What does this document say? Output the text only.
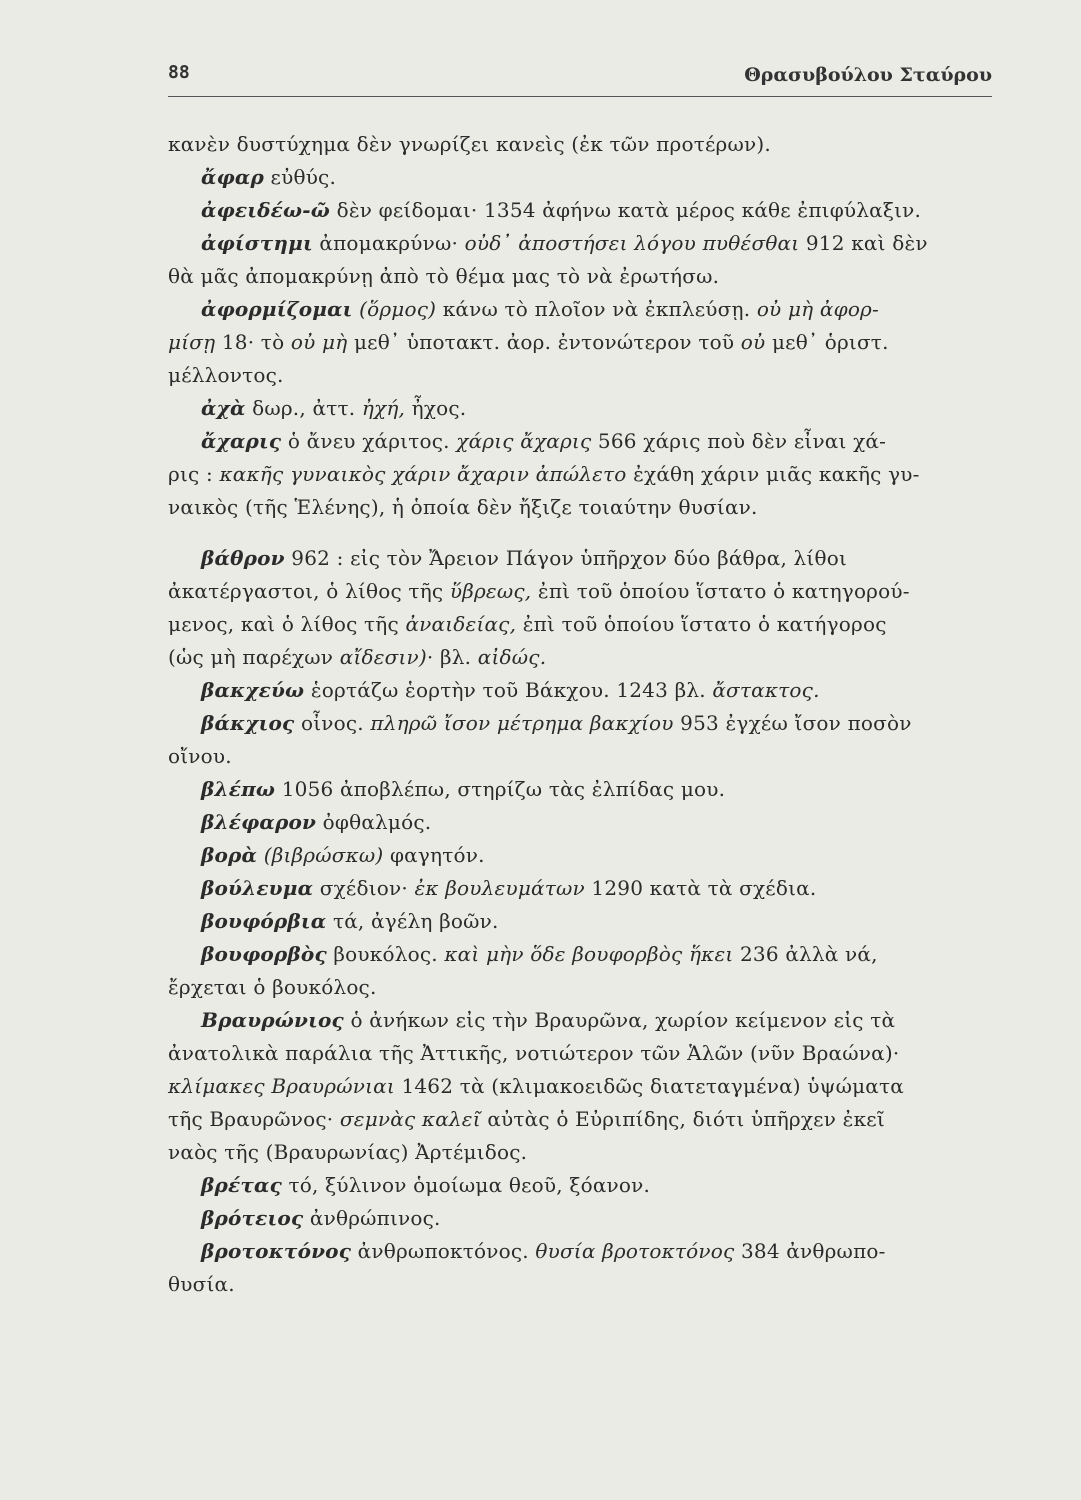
88	Θρασυβούλου Σταύρου
κανὲν δυστύχημα δὲν γνωρίζει κανεὶς (ἐκ τῶν προτέρων).
ἄφαρ εὐθύς.
ἀφειδέω-ῶ δὲν φείδομαι· 1354 ἀφήνω κατὰ μέρος κάθε ἐπιφύλαξιν.
ἀφίστημι ἀπομακρύνω· οὐδ᾽ ἀποστήσει λόγου πυθέσθαι 912 καὶ δὲν
θὰ μᾶς ἀπομακρύνῃ ἀπὸ τὸ θέμα μας τὸ νὰ ἐρωτήσω.
ἀφορμίζομαι (ὅρμος) κάνω τὸ πλοῖον νὰ ἐκπλεύσῃ. οὐ μὴ ἀφορ-
μίσῃ 18· τὸ οὐ μὴ μεθ᾽ ὑποτακτ. ἀορ. ἐντονώτερον τοῦ οὐ μεθ᾽ ὁριστ.
μέλλοντος.
ἀχὰ δωρ., ἀττ. ἠχή, ἦχος.
ἄχαρις ὁ ἄνευ χάριτος. χάρις ἄχαρις 566 χάρις ποὺ δὲν εἶναι χά-
ρις : κακῆς γυναικὸς χάριν ἄχαριν ἀπώλετο ἐχάθη χάριν μιᾶς κακῆς γυ-
ναικὸς (τῆς Ἑλένης), ἡ ὁποία δὲν ἤξιζε τοιαύτην θυσίαν.
βάθρον 962 : εἰς τὸν Ἄρειον Πάγον ὑπῆρχον δύο βάθρα, λίθοι
ἀκατέργαστοι, ὁ λίθος τῆς ὕβρεως, ἐπὶ τοῦ ὁποίου ἵστατο ὁ κατηγορού-
μενος, καὶ ὁ λίθος τῆς ἀναιδείας, ἐπὶ τοῦ ὁποίου ἵστατο ὁ κατήγορος
(ὡς μὴ παρέχων αἴδεσιν)· βλ. αἰδώς.
βακχεύω ἑορτάζω ἑορτὴν τοῦ Βάκχου. 1243 βλ. ἄστακτος.
βάκχιος οἶνος. πληρῶ ἴσον μέτρημα βακχίου 953 ἐγχέω ἴσον ποσὸν
οἴνου.
βλέπω 1056 ἀποβλέπω, στηρίζω τὰς ἐλπίδας μου.
βλέφαρον ὀφθαλμός.
βορὰ (βιβρώσκω) φαγητόν.
βούλευμα σχέδιον· ἐκ βουλευμάτων 1290 κατὰ τὰ σχέδια.
βουφόρβια τά, ἀγέλη βοῶν.
βουφορβὸς βουκόλος. καὶ μὴν ὅδε βουφορβὸς ἥκει 236 ἀλλὰ νά,
ἔρχεται ὁ βουκόλος.
Βραυρώνιος ὁ ἀνήκων εἰς τὴν Βραυρῶνα, χωρίον κείμενον εἰς τὰ
ἀνατολικὰ παράλια τῆς Ἀττικῆς, νοτιώτερον τῶν Ἁλῶν (νῦν Βραώνα)·
κλίμακες Βραυρώνιαι 1462 τὰ (κλιμακοειδῶς διατεταγμένα) ὑψώματα
τῆς Βραυρῶνος· σεμνὰς καλεῖ αὐτὰς ὁ Εὐριπίδης, διότι ὑπῆρχεν ἐκεῖ
ναὸς τῆς (Βραυρωνίας) Ἀρτέμιδος.
βρέτας τό, ξύλινον ὁμοίωμα θεοῦ, ξόανον.
βρότειος ἀνθρώπινος.
βροτοκτόνος ἀνθρωποκτόνος. θυσία βροτοκτόνος 384 ἀνθρωπο-
θυσία.
